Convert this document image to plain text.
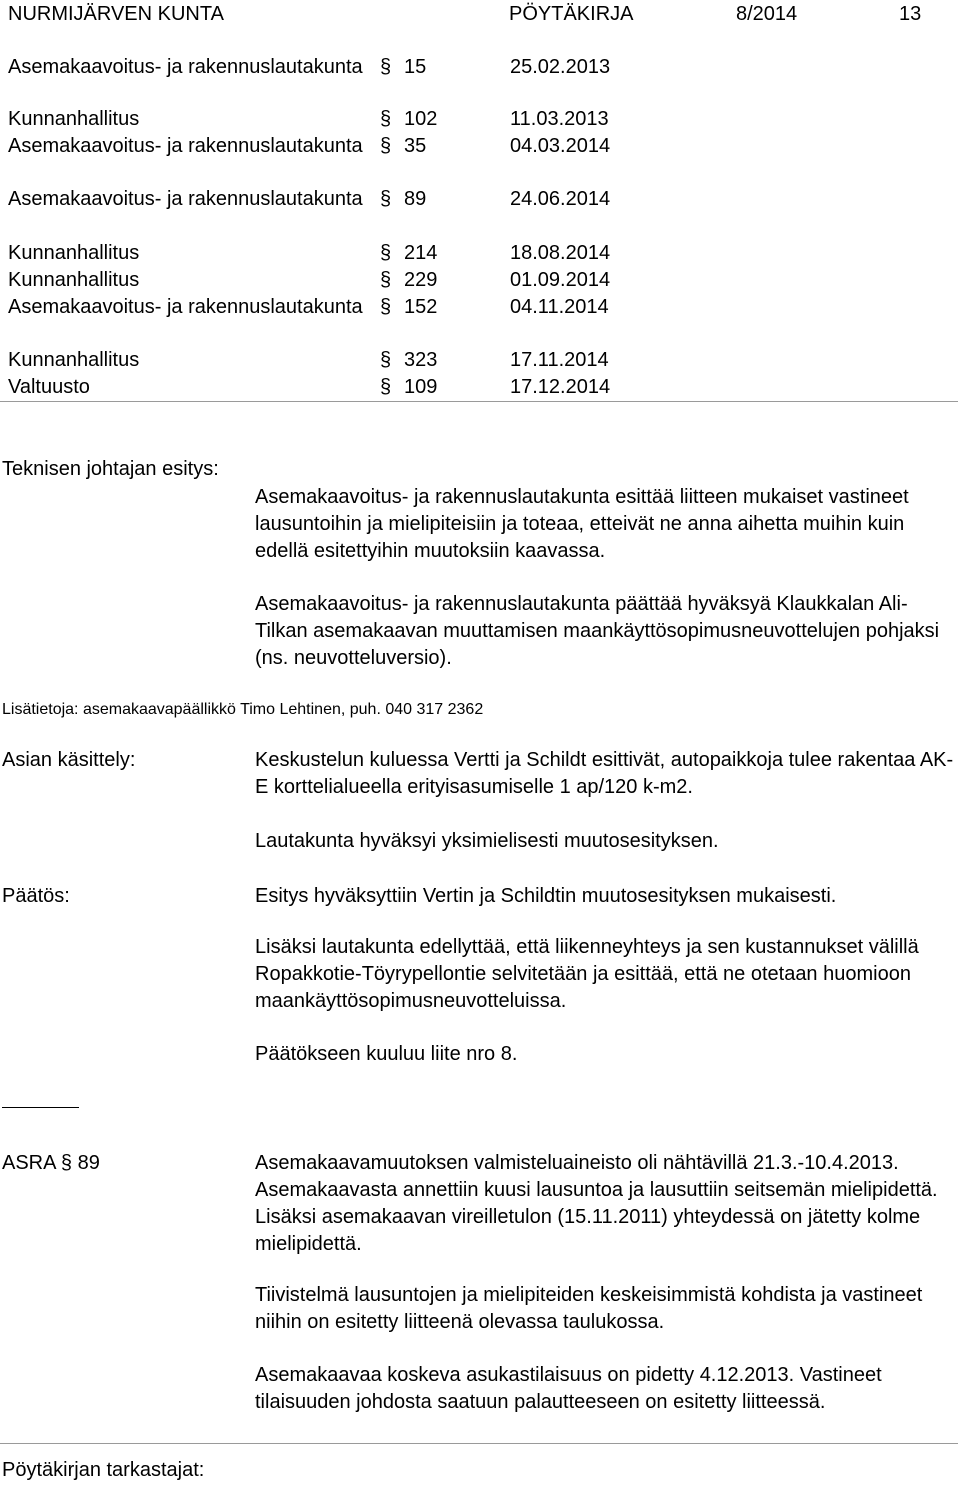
NURMIJÄRVEN KUNTA	PÖYTÄKIRJA	8/2014	13
Asemakaavoitus- ja rakennuslautakunta § 15	25.02.2013
Kunnanhallitus	§ 102	11.03.2013
Asemakaavoitus- ja rakennuslautakunta § 35	04.03.2014
Asemakaavoitus- ja rakennuslautakunta § 89	24.06.2014
Kunnanhallitus	§ 214	18.08.2014
Kunnanhallitus	§ 229	01.09.2014
Asemakaavoitus- ja rakennuslautakunta § 152	04.11.2014
Kunnanhallitus	§ 323	17.11.2014
Valtuusto	§ 109	17.12.2014
Teknisen johtajan esitys:
Asemakaavoitus- ja rakennuslautakunta esittää liitteen mukaiset vastineet lausuntoihin ja mielipiteisiin ja toteaa, etteivät ne anna aihetta muihin kuin edellä esitettyihin muutoksiin kaavassa.
Asemakaavoitus- ja rakennuslautakunta päättää hyväksyä Klaukkalan Ali-Tilkan asemakaavan muuttamisen maankäyttösopimusneuvottelujen pohjaksi (ns. neuvotteluversio).
Lisätietoja: asemakaavapäällikkö Timo Lehtinen, puh. 040 317 2362
Asian käsittely:	Keskustelun kuluessa Vertti ja Schildt esittivät, autopaikkoja tulee rakentaa AK-E korttelialueella erityisasumiselle 1 ap/120 k-m2.
Lautakunta hyväksyi yksimielisesti muutosesityksen.
Päätös:	Esitys hyväksyttiin Vertin ja Schildtin muutosesityksen mukaisesti.
Lisäksi lautakunta edellyttää, että liikenneyhteys ja sen kustannukset välillä Ropakkotie-Töyrypellontie selvitetään ja esittää, että ne otetaan huomioon maankäyttösopimusneuvotteluissa.
Päätökseen kuuluu liite nro 8.
ASRA § 89	Asemakaavamuutoksen valmisteluaineisto oli nähtävillä 21.3.-10.4.2013. Asemakaavasta annettiin kuusi lausuntoa ja lausuttiin seitsemän mielipidettä. Lisäksi asemakaavan vireilletulon (15.11.2011) yhteydessä on jätetty kolme mielipidettä.
Tiivistelmä lausuntojen ja mielipiteiden keskeisimmistä kohdista ja vastineet niihin on esitetty liitteenä olevassa taulukossa.
Asemakaavaa koskeva asukastilaisuus on pidetty 4.12.2013. Vastineet tilaisuuden johdosta saatuun palautteeseen on esitetty liitteessä.
Pöytäkirjan tarkastajat:
